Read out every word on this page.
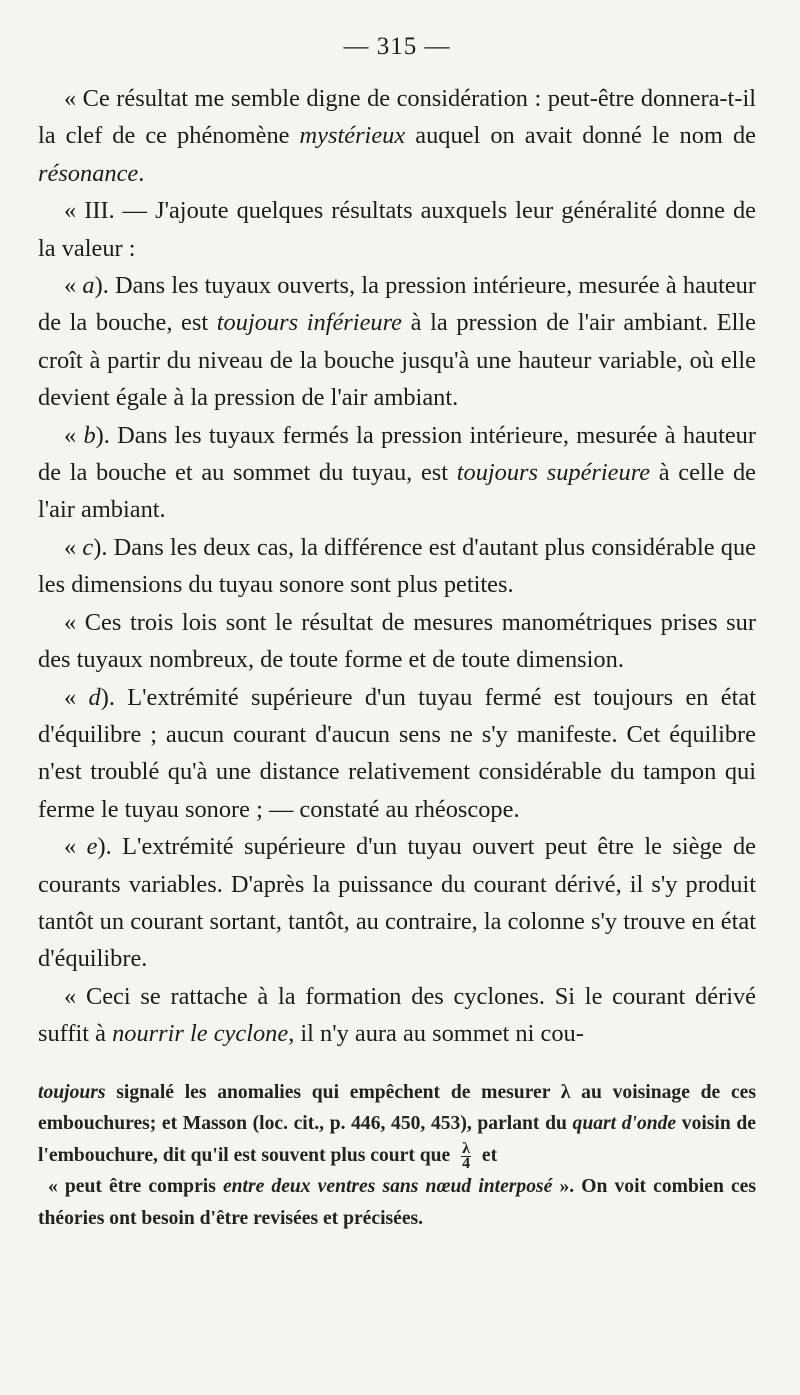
— 315 —

« Ce résultat me semble digne de considération : peut-être donnera-t-il la clef de ce phénomène mystérieux auquel on avait donné le nom de résonance.

« III. — J'ajoute quelques résultats auxquels leur généralité donne de la valeur :

« a). Dans les tuyaux ouverts, la pression intérieure, mesurée à hauteur de la bouche, est toujours inférieure à la pression de l'air ambiant. Elle croît à partir du niveau de la bouche jusqu'à une hauteur variable, où elle devient égale à la pression de l'air ambiant.

« b). Dans les tuyaux fermés la pression intérieure, mesurée à hauteur de la bouche et au sommet du tuyau, est toujours supérieure à celle de l'air ambiant.

« c). Dans les deux cas, la différence est d'autant plus considérable que les dimensions du tuyau sonore sont plus petites.

« Ces trois lois sont le résultat de mesures manométriques prises sur des tuyaux nombreux, de toute forme et de toute dimension.

« d). L'extrémité supérieure d'un tuyau fermé est toujours en état d'équilibre ; aucun courant d'aucun sens ne s'y manifeste. Cet équilibre n'est troublé qu'à une distance relativement considérable du tampon qui ferme le tuyau sonore ; — constaté au rhéoscope.

« e). L'extrémité supérieure d'un tuyau ouvert peut être le siège de courants variables. D'après la puissance du courant dérivé, il s'y produit tantôt un courant sortant, tantôt, au contraire, la colonne s'y trouve en état d'équilibre.

« Ceci se rattache à la formation des cyclones. Si le courant dérivé suffit à nourrir le cyclone, il n'y aura au sommet ni cou-

toujours signalé les anomalies qui empêchent de mesurer λ au voisinage de ces embouchures; et Masson (loc. cit., p. 446, 450, 453), parlant du quart d'onde voisin de l'embouchure, dit qu'il est souvent plus court que $\frac{\lambda}{4}$ et

« peut être compris entre deux ventres sans nœud interposé ». On voit combien ces théories ont besoin d'être revisées et précisées.
